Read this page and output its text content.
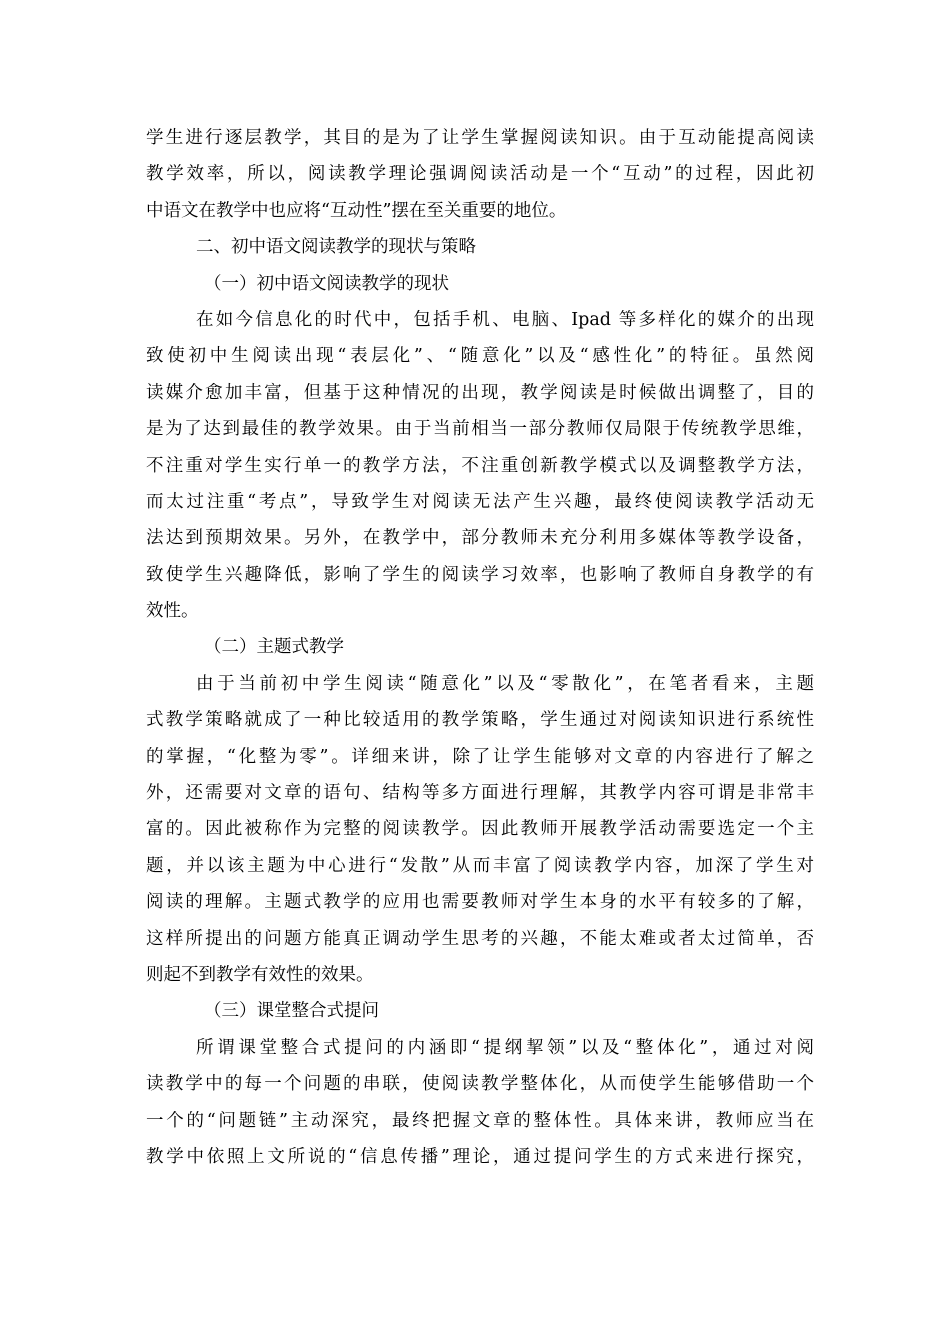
学生进行逐层教学，其目的是为了让学生掌握阅读知识。由于互动能提高阅读
教学效率，所以，阅读教学理论强调阅读活动是一个“互动”的过程，因此初
中语文在教学中也应将“互动性”摆在至关重要的地位。
二、初中语文阅读教学的现状与策略
（一）初中语文阅读教学的现状
在如今信息化的时代中，包括手机、电脑、Ipad 等多样化的媒介的出现
致使初中生阅读出现“表层化”、“随意化”以及“感性化”的特征。虽然阅
读媒介愈加丰富，但基于这种情况的出现，教学阅读是时候做出调整了，目的
是为了达到最佳的教学效果。由于当前相当一部分教师仅局限于传统教学思维，
不注重对学生实行单一的教学方法，不注重创新教学模式以及调整教学方法，
而太过注重“考点”，导致学生对阅读无法产生兴趣，最终使阅读教学活动无
法达到预期效果。另外，在教学中，部分教师未充分利用多媒体等教学设备，
致使学生兴趣降低，影响了学生的阅读学习效率，也影响了教师自身教学的有
效性。
（二）主题式教学
由于当前初中学生阅读“随意化”以及“零散化”，在笔者看来，主题
式教学策略就成了一种比较适用的教学策略，学生通过对阅读知识进行系统性
的掌握，“化整为零”。详细来讲，除了让学生能够对文章的内容进行了解之
外，还需要对文章的语句、结构等多方面进行理解，其教学内容可谓是非常丰
富的。因此被称作为完整的阅读教学。因此教师开展教学活动需要选定一个主
题，并以该主题为中心进行“发散”从而丰富了阅读教学内容，加深了学生对
阅读的理解。主题式教学的应用也需要教师对学生本身的水平有较多的了解，
这样所提出的问题方能真正调动学生思考的兴趣，不能太难或者太过简单，否
则起不到教学有效性的效果。
（三）课堂整合式提问
所谓课堂整合式提问的内涵即“提纲挈领”以及“整体化”，通过对阅
读教学中的每一个问题的串联，使阅读教学整体化，从而使学生能够借助一个
一个的“问题链”主动深究，最终把握文章的整体性。具体来讲，教师应当在
教学中依照上文所说的“信息传播”理论，通过提问学生的方式来进行探究，
